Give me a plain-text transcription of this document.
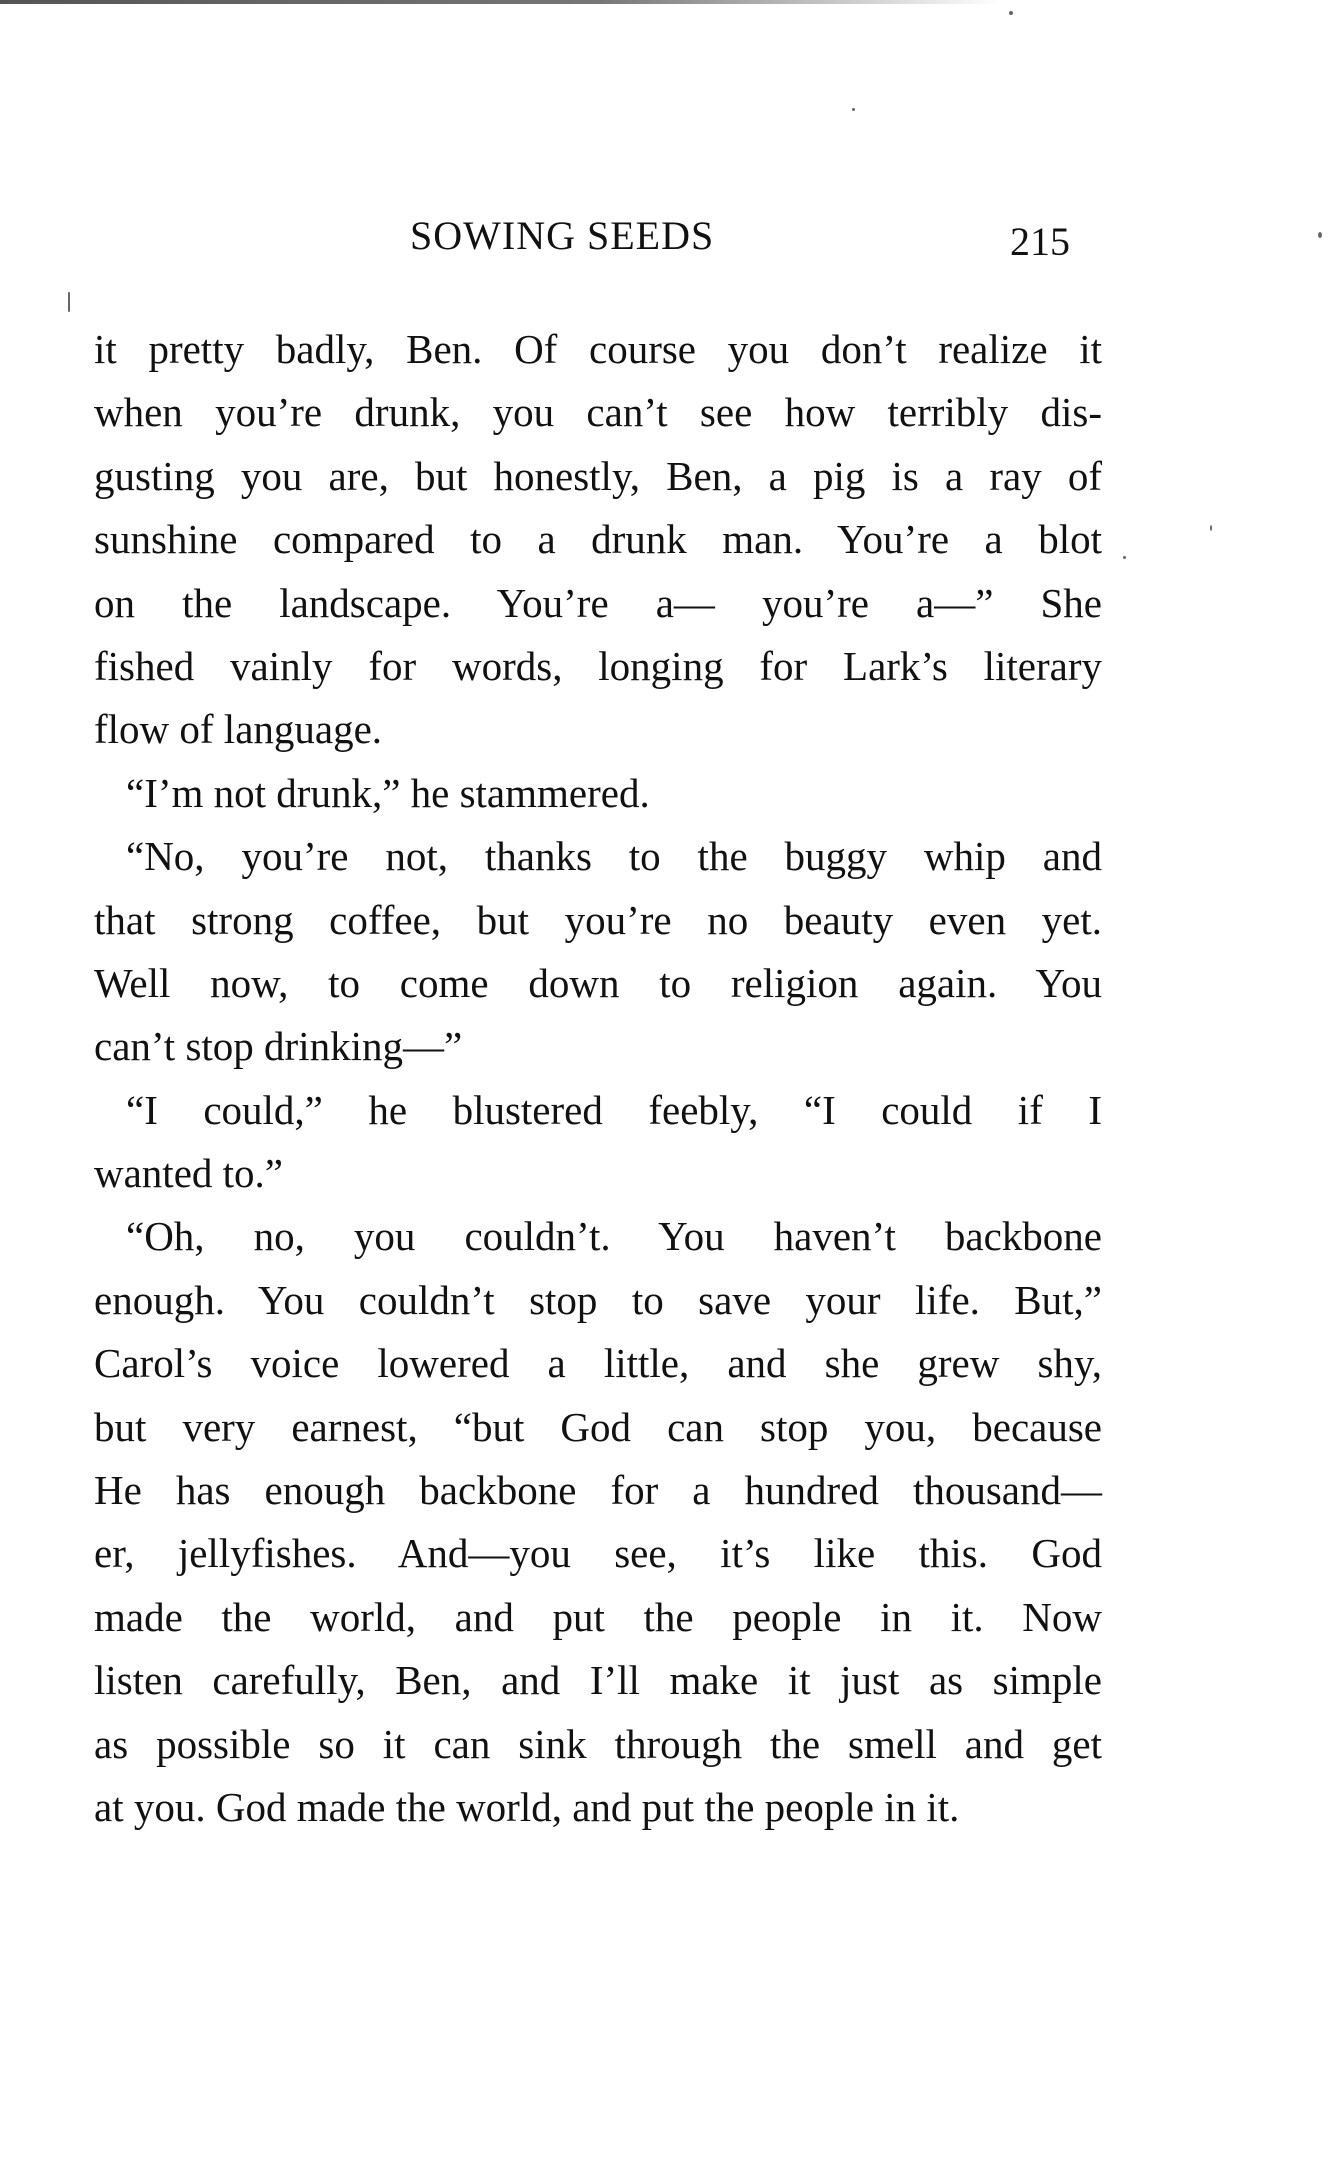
SOWING SEEDS	215
it pretty badly, Ben. Of course you don’t realize it
when you’re drunk, you can’t see how terribly dis-
gusting you are, but honestly, Ben, a pig is a ray of
sunshine compared to a drunk man. You’re a blot
on the landscape. You’re a— you’re a—” She
fished vainly for words, longing for Lark’s literary
flow of language.
“I’m not drunk,” he stammered.
“No, you’re not, thanks to the buggy whip and
that strong coffee, but you’re no beauty even yet.
Well now, to come down to religion again. You
can’t stop drinking—”
“I could,” he blustered feebly, “I could if I
wanted to.”
“Oh, no, you couldn’t. You haven’t backbone
enough. You couldn’t stop to save your life. But,”
Carol’s voice lowered a little, and she grew shy,
but very earnest, “but God can stop you, because
He has enough backbone for a hundred thousand—
er, jellyfishes. And—you see, it’s like this. God
made the world, and put the people in it. Now
listen carefully, Ben, and I’ll make it just as simple
as possible so it can sink through the smell and get
at you. God made the world, and put the people in it.
